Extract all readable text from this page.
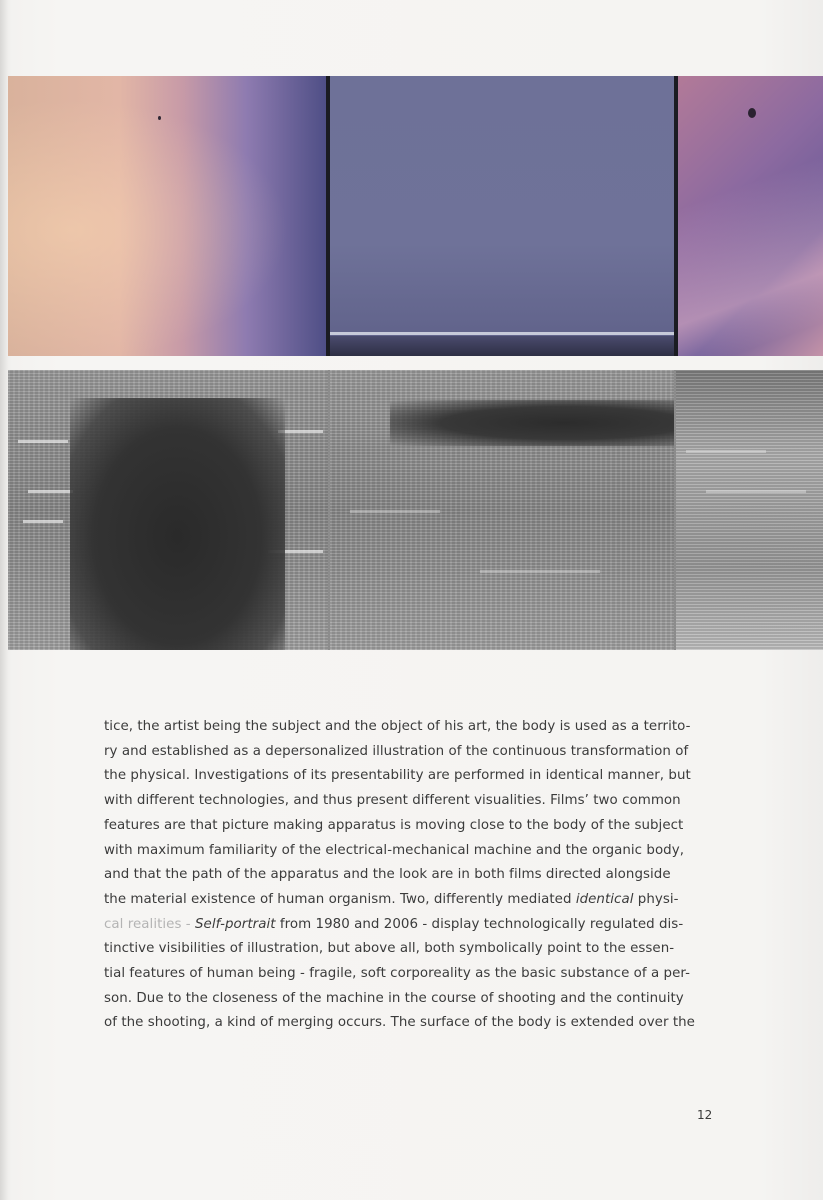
tice, the artist being the subject and the object of his art, the body is used as a territo-
ry and established as a depersonalized illustration of the continuous transformation of
the physical. Investigations of its presentability are performed in identical manner, but
with different technologies, and thus present different visualities. Films’ two common
features are that picture making apparatus is moving close to the body of the subject
with maximum familiarity of the electrical-mechanical machine and the organic body,
and that the path of the apparatus and the look are in both films directed alongside
the material existence of human organism. Two, differently mediated identical physi-
cal realities - Self-portrait from 1980 and 2006 - display technologically regulated dis-
tinctive visibilities of illustration, but above all, both symbolically point to the essen-
tial features of human being - fragile, soft corporeality as the basic substance of a per-
son. Due to the closeness of the machine in the course of shooting and the continuity
of the shooting, a kind of merging occurs. The surface of the body is extended over the

12
